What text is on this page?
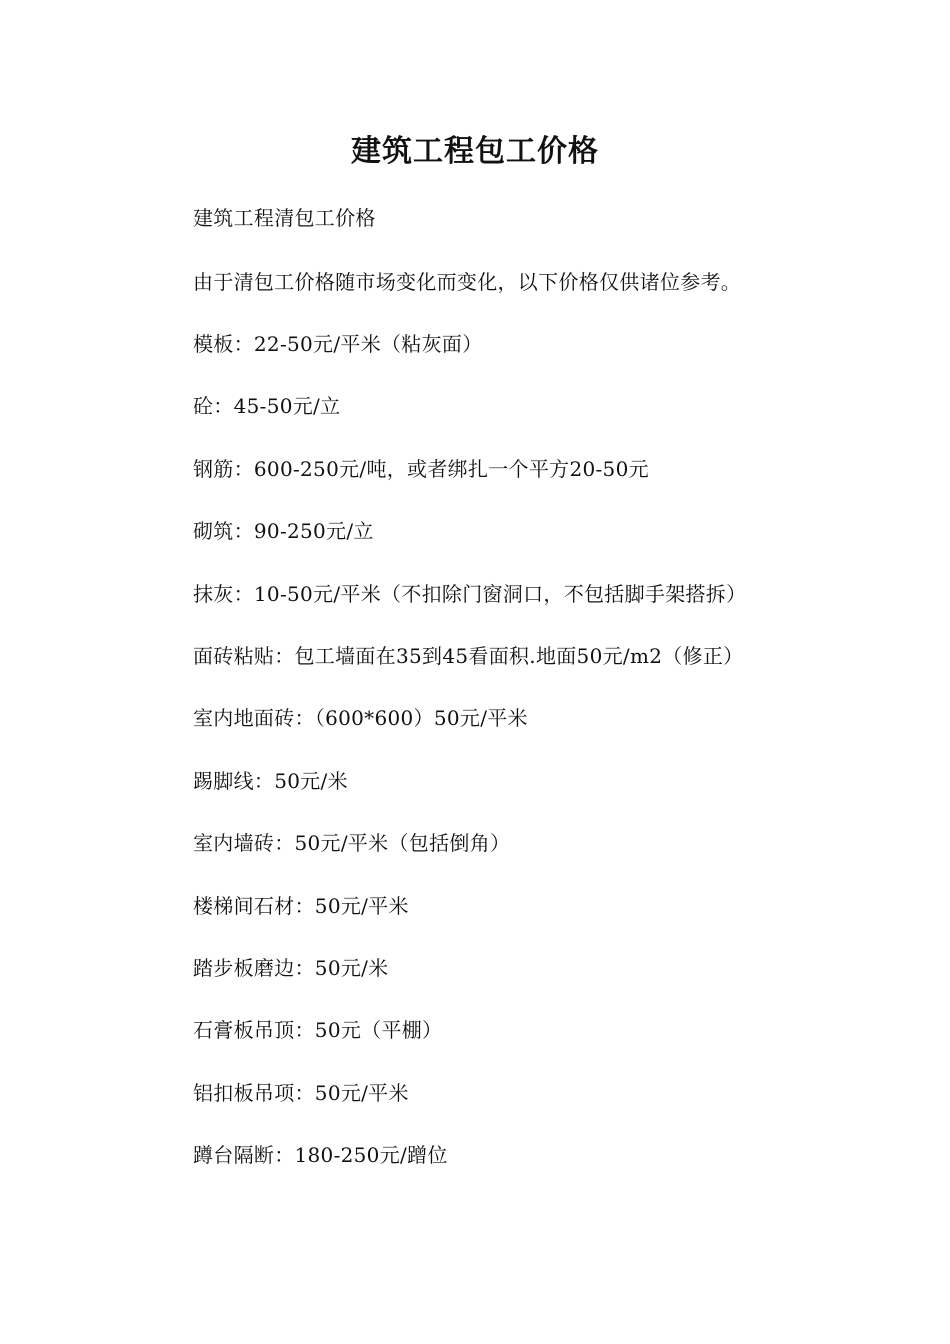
建筑工程包工价格

建筑工程清包工价格

由于清包工价格随市场变化而变化，以下价格仅供诸位参考。

模板：22-50元/平米（粘灰面）

砼：45-50元/立

钢筋：600-250元/吨，或者绑扎一个平方20-50元

砌筑：90-250元/立

抹灰：10-50元/平米（不扣除门窗洞口，不包括脚手架搭拆）

面砖粘贴：包工墙面在35到45看面积.地面50元/m2（修正）

室内地面砖：（600*600）50元/平米

踢脚线：50元/米

室内墙砖：50元/平米（包括倒角）

楼梯间石材：50元/平米

踏步板磨边：50元/米

石膏板吊顶：50元（平棚）

铝扣板吊项：50元/平米

蹲台隔断：180-250元/蹭位
